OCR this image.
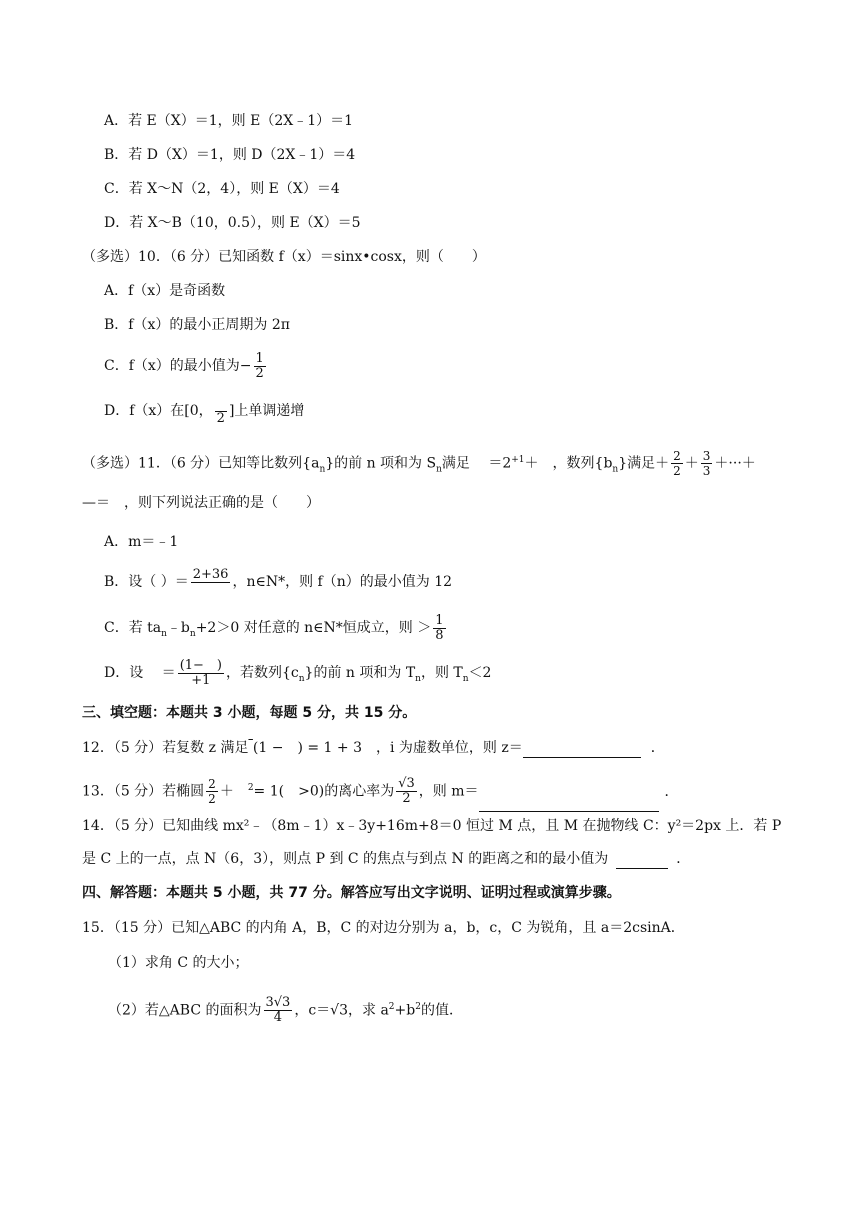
A．若 E（X）＝1，则 E（2X﹣1）＝1
B．若 D（X）＝1，则 D（2X﹣1）＝4
C．若 X～N（2，4），则 E（X）＝4
D．若 X～B（10，0.5），则 E（X）＝5
（多选）10．（6 分）已知函数 f（x）＝sinx•cosx，则（　　）
A．f（x）是奇函数
B．f（x）的最小正周期为 2π
C．f（x）的最小值为− $\frac{1}{2}$
D．f（x）在[0，
2 ]上单调递增
（多选）11．（6 分）已知等比数列$\{a_n\}$的前 n 项和为 $S_n$满足　 $=2^{+1}+$　，数列$\{b_n\}$满足＋ $\frac{2}{2} + \frac{3}{3}$ ＋···＋
—＝　，则下列说法正确的是（　　）
A．m＝﹣1
B．设（ ）＝ 2+36
，n∈N*，则 f（n）的最小值为 12
C．若 $ta_n﹣b_n+2>0$ 对任意的 n∈N*恒成立，则 ＞ $\frac{1}{8}$
D．设　 ＝ $\frac{(1- )}{+1}$ ，若数列$\{c_n\}$的前 n 项和为 $T_n$，则 $T_n<2$
三、填空题：本题共 3 小题，每题 5 分，共 15 分。
12．（5 分）若复数 z 满足 (1 −　) = 1 + 3　，i 为虚数单位，则 z＝	．
13．（5 分）若椭圆 $\frac{2}{2}$ ＋　$^2$= 1(　>0)的离心率为 $\frac{√3}{2}$ ，则 m＝	．
14．（5 分）已知曲线 mx²﹣（8m﹣1）x﹣3y+16m+8＝0 恒过 M 点，且 M 在抛物线 C：y²＝2px 上．若 P
是 C 上的一点，点 N（6，3），则点 P 到 C 的焦点与到点 N 的距离之和的最小值为	．
四、解答题：本题共 5 小题，共 77 分。解答应写出文字说明、证明过程或演算步骤。
15．（15 分）已知△ABC 的内角 A，B，C 的对边分别为 a，b，c，C 为锐角，且 a＝2csinA．
（1）求角 C 的大小；
（2）若△ABC 的面积为 $\frac{3√3}{4}$ ，c＝√3，求 $a^2+b^2$的值．
